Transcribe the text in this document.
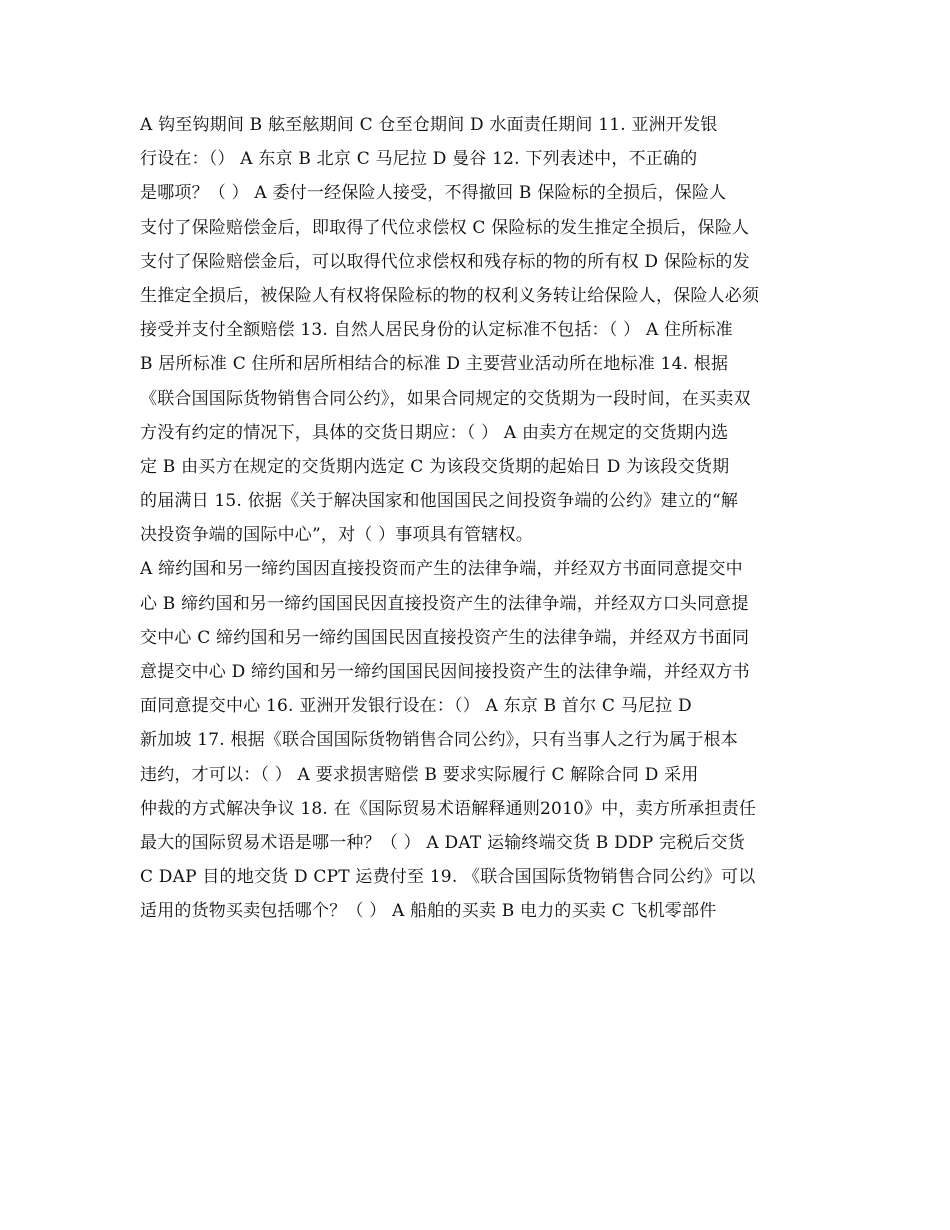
A 钩至钩期间 B 舷至舷期间 C 仓至仓期间 D 水面责任期间 11. 亚洲开发银
行设在：（） A 东京 B 北京 C 马尼拉 D 曼谷 12. 下列表述中，不正确的
是哪项？（ ） A 委付一经保险人接受，不得撤回 B 保险标的全损后，保险人
支付了保险赔偿金后，即取得了代位求偿权 C 保险标的发生推定全损后，保险人
支付了保险赔偿金后，可以取得代位求偿权和残存标的物的所有权 D 保险标的发
生推定全损后，被保险人有权将保险标的物的权利义务转让给保险人，保险人必须
接受并支付全额赔偿 13. 自然人居民身份的认定标准不包括：（ ） A 住所标准
B 居所标准 C 住所和居所相结合的标准 D 主要营业活动所在地标准 14. 根据
《联合国国际货物销售合同公约》，如果合同规定的交货期为一段时间，在买卖双
方没有约定的情况下，具体的交货日期应：（ ） A 由卖方在规定的交货期内选
定 B 由买方在规定的交货期内选定 C 为该段交货期的起始日 D 为该段交货期
的届满日 15. 依据《关于解决国家和他国国民之间投资争端的公约》建立的“解
决投资争端的国际中心”，对（ ）事项具有管辖权。
A 缔约国和另一缔约国因直接投资而产生的法律争端，并经双方书面同意提交中
心 B 缔约国和另一缔约国国民因直接投资产生的法律争端，并经双方口头同意提
交中心 C 缔约国和另一缔约国国民因直接投资产生的法律争端，并经双方书面同
意提交中心 D 缔约国和另一缔约国国民因间接投资产生的法律争端，并经双方书
面同意提交中心 16. 亚洲开发银行设在：（） A 东京 B 首尔 C 马尼拉 D
新加坡 17. 根据《联合国国际货物销售合同公约》，只有当事人之行为属于根本
违约，才可以：（ ） A 要求损害赔偿 B 要求实际履行 C 解除合同 D 采用
仲裁的方式解决争议 18. 在《国际贸易术语解释通则2010》中，卖方所承担责任
最大的国际贸易术语是哪一种？（ ） A DAT 运输终端交货 B DDP 完税后交货
C DAP 目的地交货 D CPT 运费付至 19. 《联合国国际货物销售合同公约》可以
适用的货物买卖包括哪个？（ ） A 船舶的买卖 B 电力的买卖 C 飞机零部件
